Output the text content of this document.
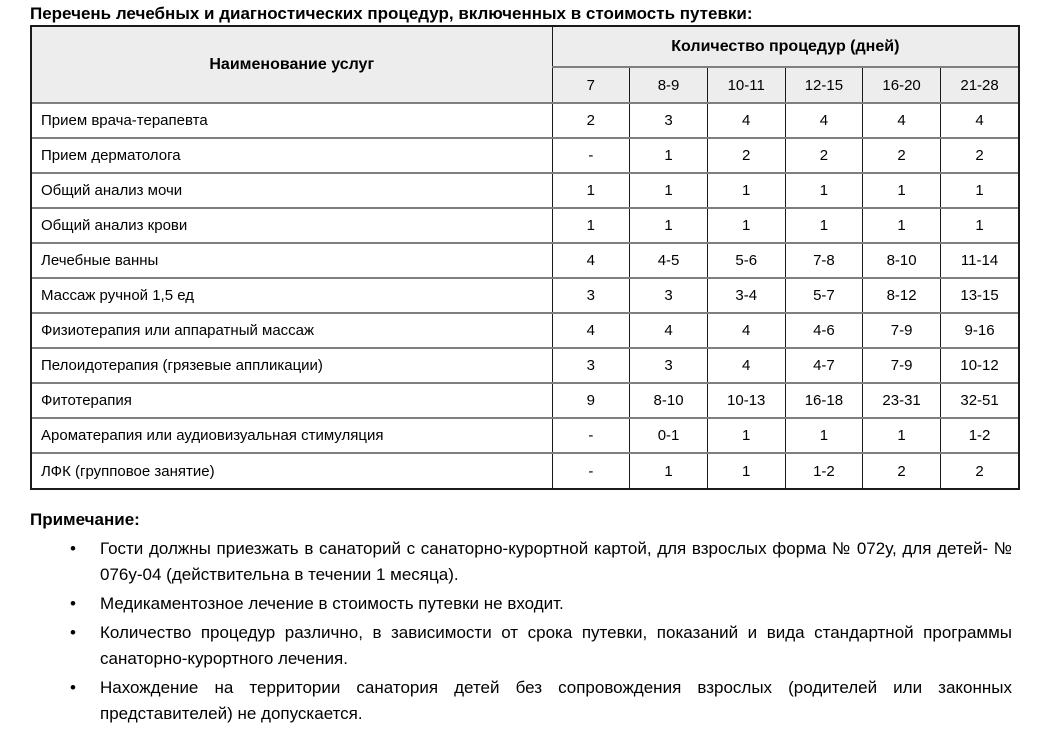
Перечень лечебных и диагностических процедур, включенных в стоимость путевки:
Наименование услуг	Количество процедур (дней)					
	7	8-9	10-11	12-15	16-20	21-28
Прием врача-терапевта	2	3	4	4	4	4
Прием дерматолога	-	1	2	2	2	2
Общий анализ мочи	1	1	1	1	1	1
Общий анализ крови	1	1	1	1	1	1
Лечебные ванны	4	4-5	5-6	7-8	8-10	11-14
Массаж ручной 1,5 ед	3	3	3-4	5-7	8-12	13-15
Физиотерапия или аппаратный массаж	4	4	4	4-6	7-9	9-16
Пелоидотерапия (грязевые аппликации)	3	3	4	4-7	7-9	10-12
Фитотерапия	9	8-10	10-13	16-18	23-31	32-51
Ароматерапия или аудиовизуальная стимуляция	-	0-1	1	1	1	1-2
ЛФК (групповое занятие)	-	1	1	1-2	2	2
Примечание:
• Гости должны приезжать в санаторий с санаторно-курортной картой, для взрослых форма № 072у, для детей- № 076у-04 (действительна в течении 1 месяца).
• Медикаментозное лечение в стоимость путевки не входит.
• Количество процедур различно, в зависимости от срока путевки, показаний и вида стандартной программы санаторно-курортного лечения.
• Нахождение на территории санатория детей без сопровождения взрослых (родителей или законных представителей) не допускается.
